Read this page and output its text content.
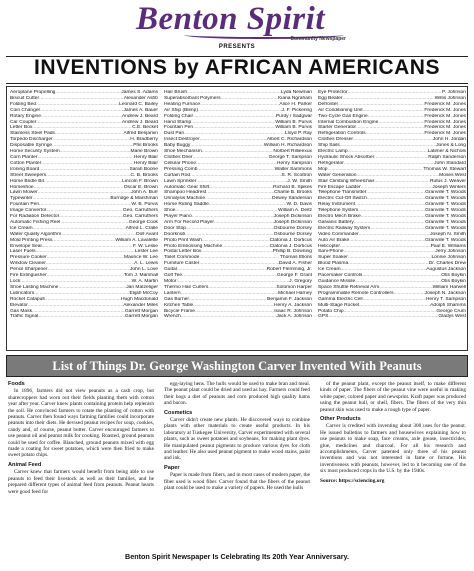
Benton Spirit
Community Newspaper
PRESENTS
INVENTIONS by AFRICAN AMERICANS
Aeroplane Propelling .....	James S. Adams
Biscuit Cutter .....	Alexander Ashb
Folding Bed .....	Leonard C. Bailey
Coin Changer .....	James A. Bauer
Rotary Engine .....	Andrew J. Beard
Car Coupler .....	Andrew J. Beard
Letter Box .....	C.E. Becket
Stainless Steel Pads .....	Alfred Benjamin
Torpedo Discharger .....	H. Bradberry
Disposable Syringe .....	Phil Brooks
Home Security System .....	Marie Brown
Corn Planter .....	Henry Blair
Cotton Planter .....	Henry Blair
Ironing Board .....	Sarah Boone
Street Sweepers .....	C. B. Brooks
Horse Bridle Bit .....	Lincoln F. Brown
Horseshoe .....	Oscar E. Brown
Lawn Mower .....	John A. Burr
Typewriter .....	Burridge & Marshman
Fountain Pen .....	W. B. Purvis
Image Convertor .....	Geo. Carruthers
For Radiation Detector .....	Geo. Carruthers
Automatic Fishing Reel .....	George Cook
Ice Cream .....	Alfred L. Cralle
Water Quality Algorithm .....	Doll Avant
Mold Printing Press .....	William A. Lavalette
Envelope Seal .....	F. W. Leslie
Laser Fuels .....	Lester Lee
Pressure Cooker .....	Maurice W. Lee
Window Cleaner .....	A. L. Lewis
Pencil Sharpener .....	John L. Love
Fire Extinguisher .....	Tom J. Marshall
Lock .....	W. A. Martin
Shoe Lasting Machine .....	Jan Matzeliger
Lubricators .....	Elijah McCoy
Rocket Catapult .....	Hugh Macdonald
Elevator .....	Alexander Miles
Gas Mask .....	Garrett Morgan
Traffic Signal .....	Garrett Morgan
Hair Brush .....	Lyda Newman
Superabsorbant Polymers .....	Kiana Ngraham
Heating Furnace .....	Alice H. Parker
Air Ship (Blimp) .....	J. F. Pickering
Folding Chair .....	Purdy / Sadgwar
Hand Stamp .....	William B. Purvis
Fountain Pen .....	William B. Purvis
Dust Pan .....	Lloyd P. Ray
Insect Destroyer .....	Albert C. Richardson
Baby Buggy .....	William H. Richardson
Shoe Mechanism .....	Norbert Rillieexux
Clothes Drier .....	George T. Sampson
Cellular Phone .....	Henry Sampson
Pressing Comb .....	Walter Sammons
Curtain Rod .....	S. R. Scottron
Lawn Sprinkler .....	J. W. Smith
Automatic Gear Shift .....	Richard B. Spikes
Shampoo Headrest .....	Charlie B. Brooks
Urinalysis Machine .....	Dewey Sanderson
Horse Riding Saddle .....	W. D. Davis
Shoe .....	William A. Deitz
Player Piano .....	Joseph Dickinson
Arm For Record Player .....	Joseph Dickinson
Door Stop .....	Osbourne Dorsey
Doorknob .....	Osbourne Dorsey
Photo Print Wash .....	Clatonia J. Dorticus
Photo Embossing Machine .....	Clatonia J. Dorticus
Postal Letter Box .....	Phillip B. Downing
Toilet Commode .....	Thomas Elkins
Furniture Caster .....	David A. Fisher
Guitar .....	Robert Flemming, Jr.
Golf Tee .....	George F. Grant
Motor .....	J. Gregory
Thermo Hair Curlers .....	Solomon Harper
Lantern .....	Michael Harney
Gas Burner .....	Benjamin F. Jackson
Kitchen Table .....	Henry A. Jackson
Bicycle Frame .....	Isaac R. Johnson
Wrench .....	Jack A. Johnson
Eye Protector .....	P. Johnson
Egg Beater .....	Willis Johnson
Defroster .....	Frederick M. Jones
Air Conditioning Unit .....	Frederick M. Jones
Two-Cycle Gas Engine .....	Frederick M. Jones
Internal Combustion Engine .....	Frederick M. Jones
Starter Generator .....	Frederick M. Jones
Refrigeration Controls .....	Frederick M. Jones
Clothes Dresser .....	John H. Jordan
Ship Sails .....	Jones & Long
Electric Lamp .....	Latimer & Nichols
Hydraulic Shock Absorber .....	Ralph Sanderson
Refrigerator .....	John Standard
Mop .....	Thomas W. Stewart
Water Generation .....	Moses West
Stair Climbing Wheelchair .....	Rufus J. Weaver
Fire Escape Ladder .....	Joseph Winters
Telephone Transmitter .....	Granville T. Woods
Electric Cut-Off Switch .....	Granville T. Woods
Relay Instrument .....	Granville T. Woods
Telephone System .....	Granville T. Woods
Electro Mech Brake .....	Granville T. Woods
Galvanic Battery .....	Granville T. Woods
Electric Railway System .....	Granville T. Woods
Video Commander .....	Joseph N. Smith
Auto Air Brake .....	Granville T. Woods
Helicopter .....	Paul E. Williams
Sani-Phone .....	Jerry Johnson
Super Soaker .....	Lonnie Johnson
Blood Plasma .....	Dr. Charles Drew
Ice Cream .....	Augustus Jackson
Pacemaker Controls .....	Otis Boykin
Guidance Missile .....	Otis Boykin
Space Shuttle Retrieval Arm .....	William Harwell
Programmable Remote Controllers .....	Joseph N. Jackson
Gamma Electric Cell .....	Henry T. Sampson
Multi-Stage Rocket .....	Adolph Shamms
Potato Chip .....	George Crum
GPS .....	Gladys West
List of Things Dr. George Washington Carver Invented With Peanuts
Foods

In 1896, farmers did not view peanuts as a cash crop, but sharecroppers had worn out their fields planting them with cotton year after year. Carver knew plants containing protein help replenish the soil. He convinced farmers to rotate the planting of cotton with peanuts. Carver then found ways farming families could incorporate peanuts into their diets. He devised peanut recipes for soup, cookies, candy and, of course, peanut butter. Carver encouraged farmers to use peanut oil and peanut milk for cooking. Roasted, ground peanuts could be used for coffee. Blanched, ground peanuts mixed with egg made a coating for sweet potatoes, which were then fried to make sweet potato chips.

Animal Feed

Carver knew that farmers would benefit from being able to use peanuts to feed their livestock as well as their families, and he prepared different types of animal feed from peanuts. Peanut hearts were good feed for

egg-laying hens. The hulls would be used to make bran and meal. The peanut plant could be dried and used as hay. Farmers could feed their hogs a diet of peanuts and corn produced high quality hams and bacon.

Cosmetics

Carver didn't create new plants. He discovered ways to combine plants with other materials to create useful products. In his laboratory at Tuskegee University, Carver experimented with several plants, such as sweet potatoes and soybeans, for making plant dyes. He manipulated peanut pigments to produce various dyes for cloth and leather. He also used peanut pigment to make wood stains, paint and ink.

Paper

Paper is made from fibers, and in most cases of modern paper, the fiber used is wood fiber. Carver found that the fibers of the peanut plant could be used to make a variety of papers. He used the hulls

of the peanut plant, except the peanut itself, to make different kinds of paper. The fibers of the peanut vine were useful in making white paper, colored paper and newsprint. Kraft paper was produced using the peanut hull, or shell, fibers. The fibers of the very thin peanut skin was used to make a rough type of paper.

Other Products

Carver is credited with inventing about 300 uses for the peanut. He issued bulletins to farmers and housewives explaining how to use peanuts to make soap, face creams, axle grease, insecticides, glue, medicines and charcoal. For all his research and accomplishments, Carver patented only three of his peanut inventions and was not interested in fame or fortune. His inventiveness with peanuts, however, led to it becoming one of the six most produced crops in the U.S. by the 1940s.

Source: https://sciencing.org

Benton Spirit Newspaper Is Celebrating Its 20th Year Anniversary.
